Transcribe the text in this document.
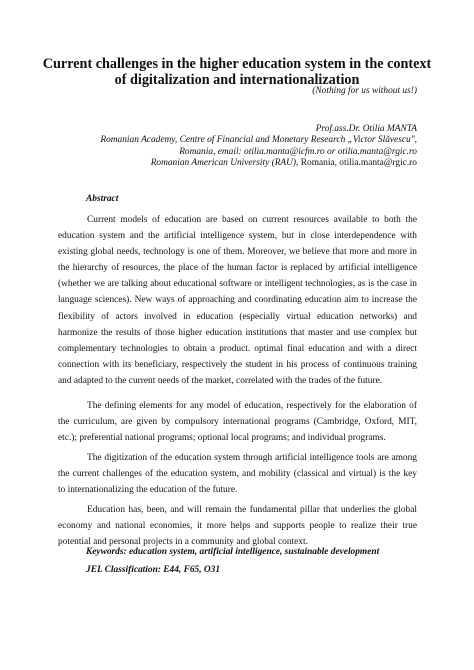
Current challenges in the higher education system in the context
of digitalization and internationalization
(Nothing for us without us!)
Prof.ass.Dr. Otilia MANTA
Romanian Academy, Centre of Financial and Monetary Research „Victor Slăvescu",
Romania, email: otilia.manta@icfm.ro or otilia.manta@rgic.ro
Romanian American University (RAU), Romania, otilia.manta@rgic.ro
Abstract
Current models of education are based on current resources available to both the
education system and the artificial intelligence system, but in close interdependence with
existing global needs, technology is one of them. Moreover, we believe that more and more in
the hierarchy of resources, the place of the human factor is replaced by artificial intelligence
(whether we are talking about educational software or intelligent technologies, as is the case in
language sciences). New ways of approaching and coordinating education aim to increase the
flexibility of actors involved in education (especially virtual education networks) and
harmonize the results of those higher education institutions that master and use complex but
complementary technologies to obtain a product. optimal final education and with a direct
connection with its beneficiary, respectively the student in his process of continuous training
and adapted to the current needs of the market, correlated with the trades of the future.
The defining elements for any model of education, respectively for the elaboration of
the curriculum, are given by compulsory international programs (Cambridge, Oxford, MIT,
etc.); preferential national programs; optional local programs; and individual programs.
The digitization of the education system through artificial intelligence tools are among
the current challenges of the education system, and mobility (classical and virtual) is the key
to internationalizing the education of the future.
Education has, been, and will remain the fundamental pillar that underlies the global
economy and national economies, it more helps and supports people to realize their true
potential and personal projects in a community and global context.
Keywords: education system, artificial intelligence, sustainable development
JEL Classification: E44, F65, O31
